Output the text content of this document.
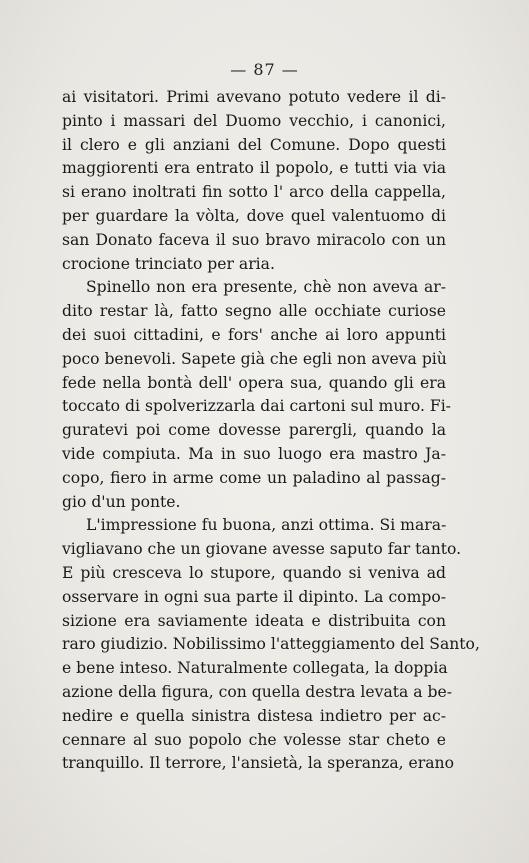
— 87 —
ai visitatori. Primi avevano potuto vedere il di-
pinto i massari del Duomo vecchio, i canonici,
il clero e gli anziani del Comune. Dopo questi
maggiorenti era entrato il popolo, e tutti via via
si erano inoltrati fin sotto l' arco della cappella,
per guardare la vòlta, dove quel valentuomo di
san Donato faceva il suo bravo miracolo con un
crocione trinciato per aria.
Spinello non era presente, chè non aveva ar-
dito restar là, fatto segno alle occhiate curiose
dei suoi cittadini, e fors' anche ai loro appunti
poco benevoli. Sapete già che egli non aveva più
fede nella bontà dell' opera sua, quando gli era
toccato di spolverizzarla dai cartoni sul muro. Fi-
guratevi poi come dovesse parergli, quando la
vide compiuta. Ma in suo luogo era mastro Ja-
copo, fiero in arme come un paladino al passag-
gio d'un ponte.
L'impressione fu buona, anzi ottima. Si mara-
vigliavano che un giovane avesse saputo far tanto.
E più cresceva lo stupore, quando si veniva ad
osservare in ogni sua parte il dipinto. La compo-
sizione era saviamente ideata e distribuita con
raro giudizio. Nobilissimo l'atteggiamento del Santo,
e bene inteso. Naturalmente collegata, la doppia
azione della figura, con quella destra levata a be-
nedire e quella sinistra distesa indietro per ac-
cennare al suo popolo che volesse star cheto e
tranquillo. Il terrore, l'ansietà, la speranza, erano
